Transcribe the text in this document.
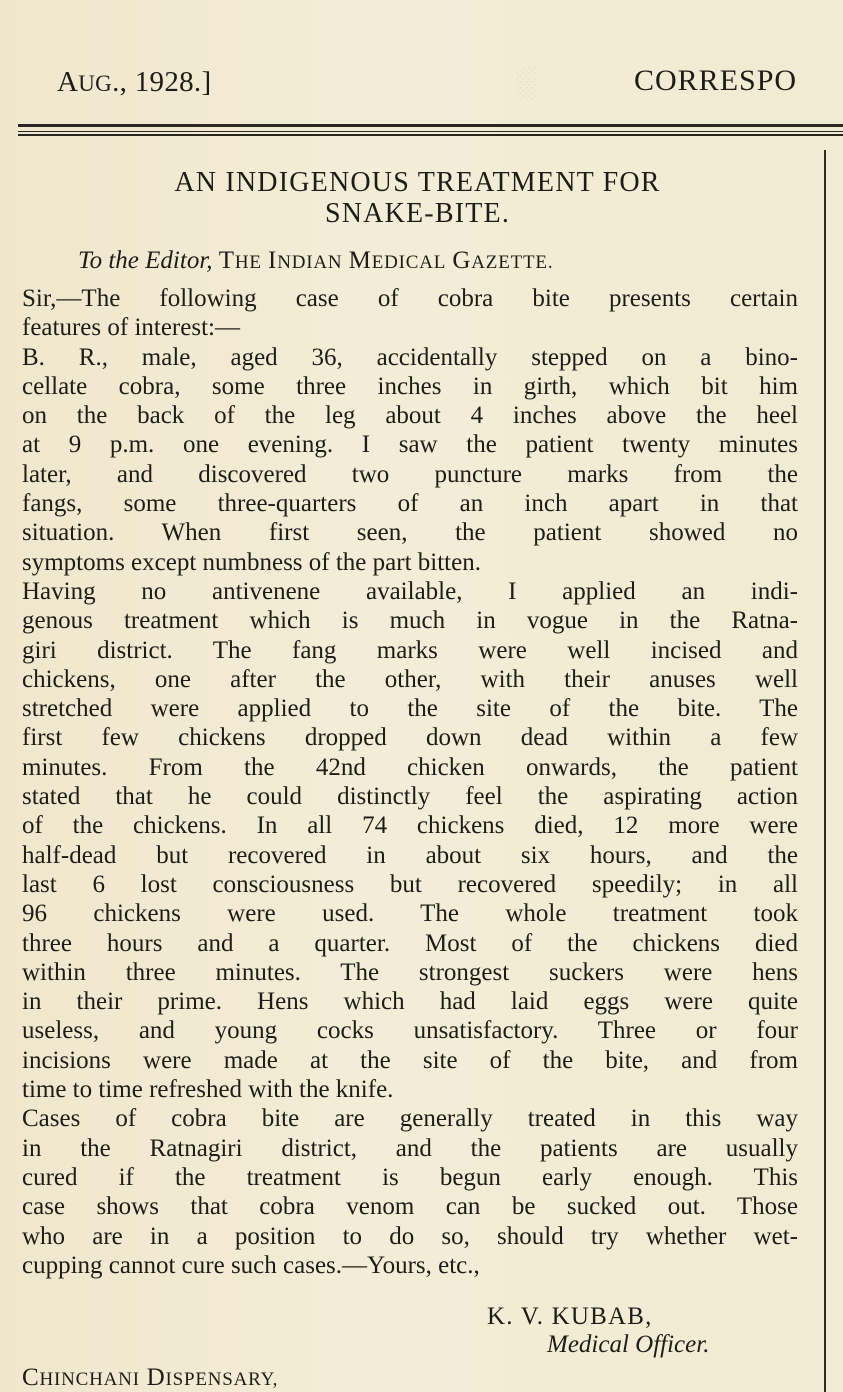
░
AUG., 1928.]	CORRESPO
AN INDIGENOUS TREATMENT FOR
SNAKE-BITE.
To the Editor, THE INDIAN MEDICAL GAZETTE.
Sir,—The following case of cobra bite presents certain
features of interest:—
B. R., male, aged 36, accidentally stepped on a bino-
cellate cobra, some three inches in girth, which bit him
on the back of the leg about 4 inches above the heel
at 9 p.m. one evening. I saw the patient twenty minutes
later, and discovered two puncture marks from the
fangs, some three-quarters of an inch apart in that
situation. When first seen, the patient showed no
symptoms except numbness of the part bitten.
Having no antivenene available, I applied an indi-
genous treatment which is much in vogue in the Ratna-
giri district. The fang marks were well incised and
chickens, one after the other, with their anuses well
stretched were applied to the site of the bite. The
first few chickens dropped down dead within a few
minutes. From the 42nd chicken onwards, the patient
stated that he could distinctly feel the aspirating action
of the chickens. In all 74 chickens died, 12 more were
half-dead but recovered in about six hours, and the
last 6 lost consciousness but recovered speedily; in all
96 chickens were used. The whole treatment took
three hours and a quarter. Most of the chickens died
within three minutes. The strongest suckers were hens
in their prime. Hens which had laid eggs were quite
useless, and young cocks unsatisfactory. Three or four
incisions were made at the site of the bite, and from
time to time refreshed with the knife.
Cases of cobra bite are generally treated in this way
in the Ratnagiri district, and the patients are usually
cured if the treatment is begun early enough. This
case shows that cobra venom can be sucked out. Those
who are in a position to do so, should try whether wet-
cupping cannot cure such cases.—Yours, etc.,
K. V. KUBAB,
Medical Officer.
CHINCHANI DISPENSARY,
